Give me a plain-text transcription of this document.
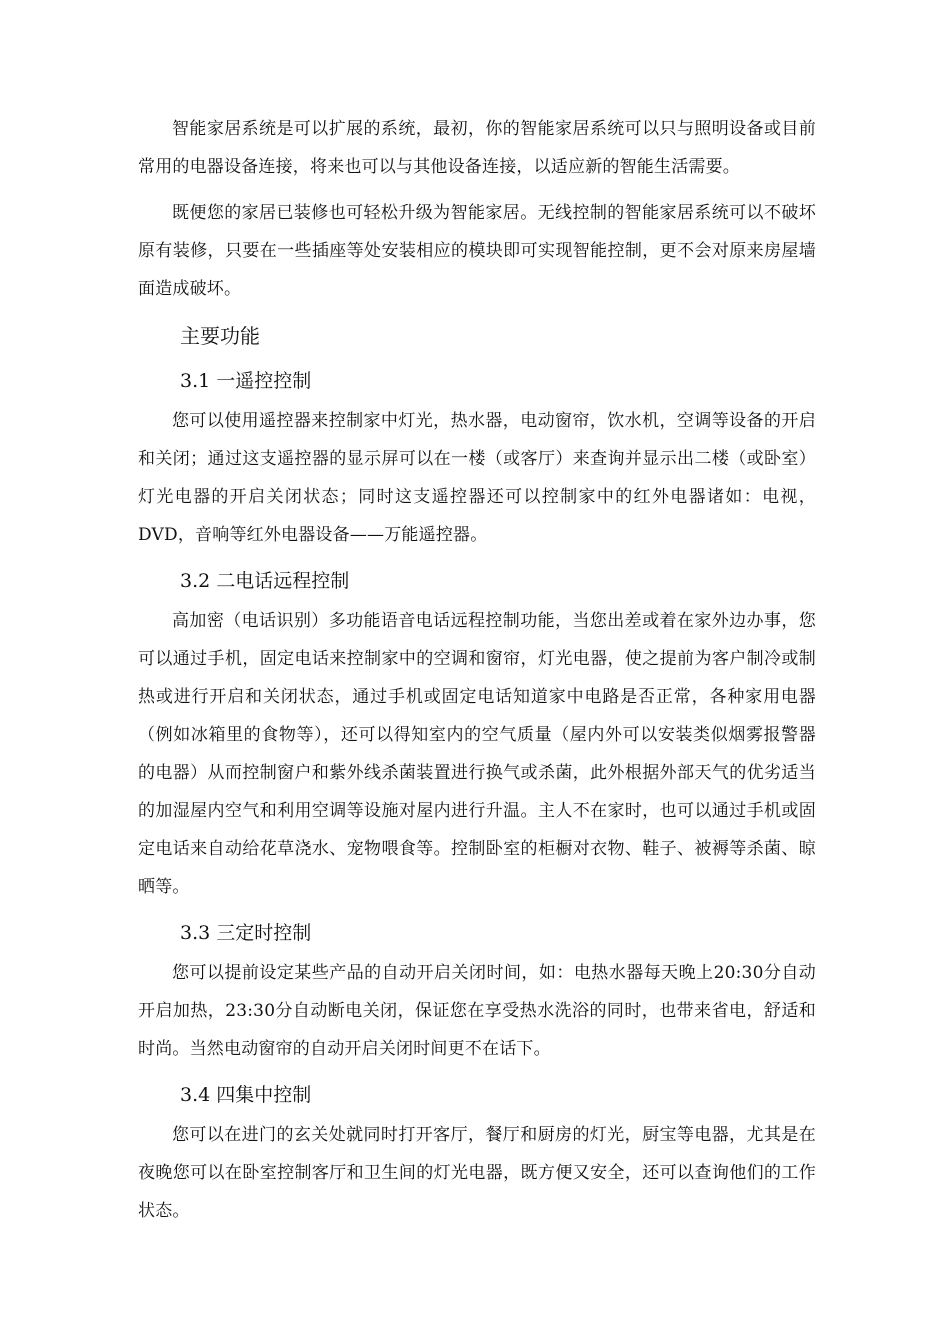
智能家居系统是可以扩展的系统，最初，你的智能家居系统可以只与照明设备或目前常用的电器设备连接，将来也可以与其他设备连接，以适应新的智能生活需要。

既便您的家居已装修也可轻松升级为智能家居。无线控制的智能家居系统可以不破坏原有装修，只要在一些插座等处安装相应的模块即可实现智能控制，更不会对原来房屋墙面造成破坏。

主要功能
3.1 一遥控控制

您可以使用遥控器来控制家中灯光，热水器，电动窗帘，饮水机，空调等设备的开启和关闭；通过这支遥控器的显示屏可以在一楼（或客厅）来查询并显示出二楼（或卧室）灯光电器的开启关闭状态；同时这支遥控器还可以控制家中的红外电器诸如：电视，DVD，音响等红外电器设备——万能遥控器。

3.2 二电话远程控制

高加密（电话识别）多功能语音电话远程控制功能，当您出差或着在家外边办事，您可以通过手机，固定电话来控制家中的空调和窗帘，灯光电器，使之提前为客户制冷或制热或进行开启和关闭状态，通过手机或固定电话知道家中电路是否正常，各种家用电器（例如冰箱里的食物等），还可以得知室内的空气质量（屋内外可以安装类似烟雾报警器的电器）从而控制窗户和紫外线杀菌装置进行换气或杀菌，此外根据外部天气的优劣适当的加湿屋内空气和利用空调等设施对屋内进行升温。主人不在家时，也可以通过手机或固定电话来自动给花草浇水、宠物喂食等。控制卧室的柜橱对衣物、鞋子、被褥等杀菌、晾晒等。

3.3 三定时控制

您可以提前设定某些产品的自动开启关闭时间，如：电热水器每天晚上20:30分自动开启加热，23:30分自动断电关闭，保证您在享受热水洗浴的同时，也带来省电，舒适和时尚。当然电动窗帘的自动开启关闭时间更不在话下。

3.4 四集中控制

您可以在进门的玄关处就同时打开客厅，餐厅和厨房的灯光，厨宝等电器，尤其是在夜晚您可以在卧室控制客厅和卫生间的灯光电器，既方便又安全，还可以查询他们的工作状态。
